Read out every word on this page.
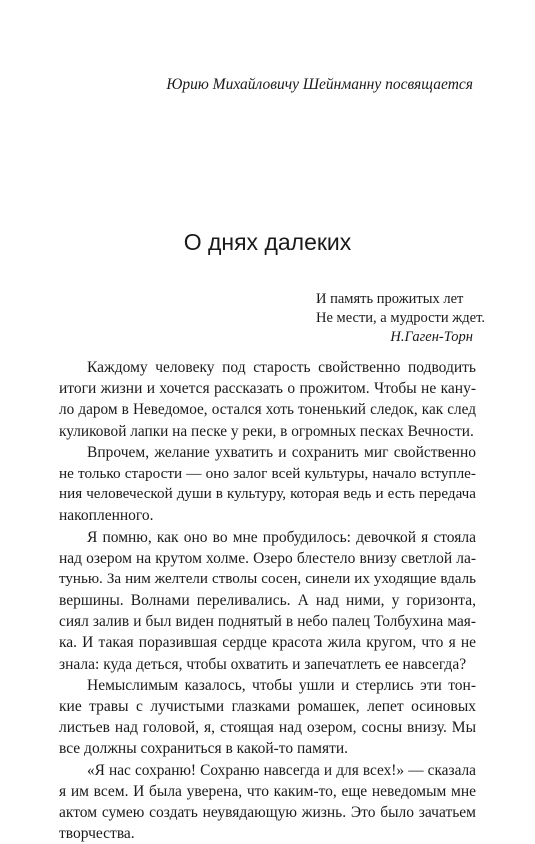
Юрию Михайловичу Шейнманну посвящается
О днях далеких
И память прожитых лет
Не мести, а мудрости ждет.
Н.Гаген-Торн

Каждому человеку под старость свойственно подводить
итоги жизни и хочется рассказать о прожитом. Чтобы не кану-
ло даром в Неведомое, остался хоть тоненький следок, как след
куликовой лапки на песке у реки, в огромных песках Вечности.

Впрочем, желание ухватить и сохранить миг свойственно
не только старости — оно залог всей культуры, начало вступле-
ния человеческой души в культуру, которая ведь и есть передача
накопленного.

Я помню, как оно во мне пробудилось: девочкой я стояла
над озером на крутом холме. Озеро блестело внизу светлой ла-
тунью. За ним желтели стволы сосен, синели их уходящие вдаль
вершины. Волнами переливались. А над ними, у горизонта,
сиял залив и был виден поднятый в небо палец Толбухина мая-
ка. И такая поразившая сердце красота жила кругом, что я не
знала: куда деться, чтобы охватить и запечатлеть ее навсегда?

Немыслимым казалось, чтобы ушли и стерлись эти тон-
кие травы с лучистыми глазками ромашек, лепет осиновых
листьев над головой, я, стоящая над озером, сосны внизу. Мы
все должны сохраниться в какой-то памяти.

«Я нас сохраню! Сохраню навсегда и для всех!» — сказала
я им всем. И была уверена, что каким-то, еще неведомым мне
актом сумею создать неувядающую жизнь. Это было зачатьем
творчества.
